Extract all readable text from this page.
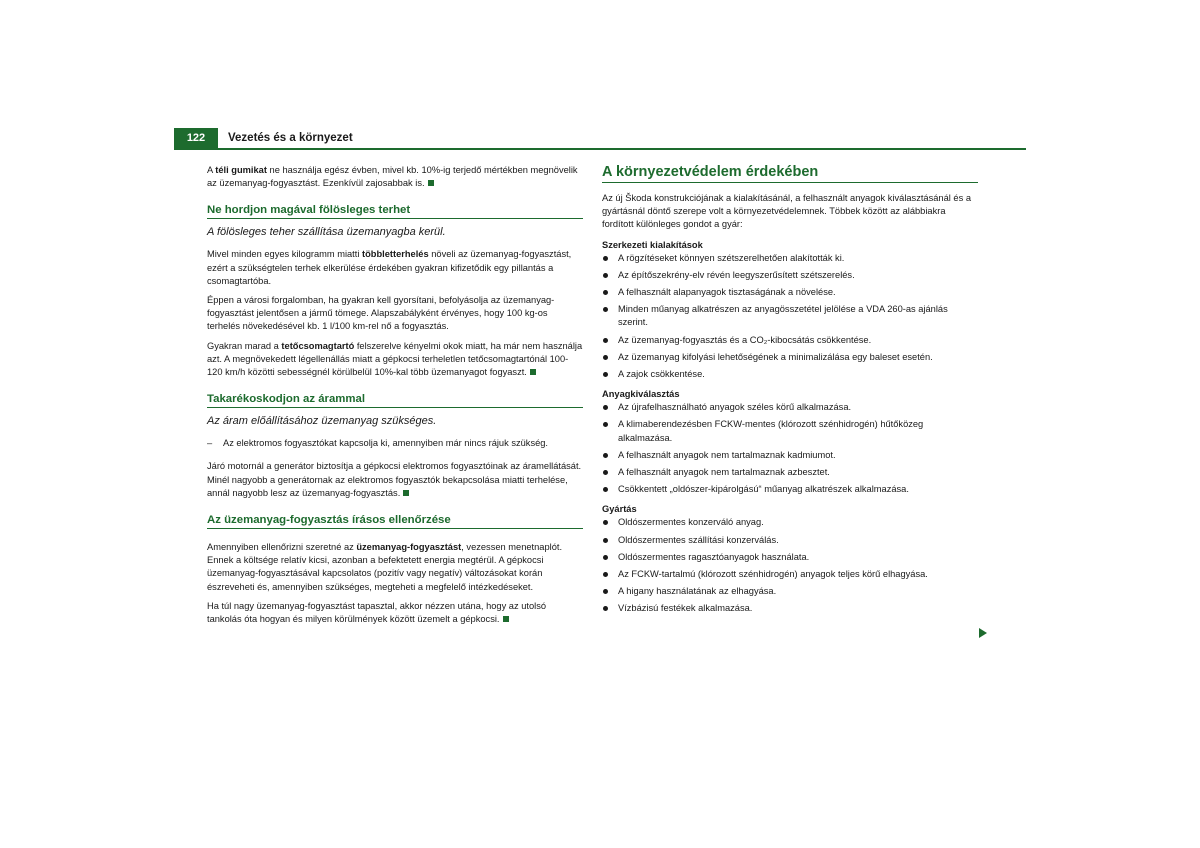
122	Vezetés és a környezet

A téli gumikat ne használja egész évben, mivel kb. 10%-ig terjedő mértékben megnövelik az üzemanyag-fogyasztást. Ezenkívül zajosabbak is.

Ne hordjon magával fölösleges terhet
A fölösleges teher szállítása üzemanyagba kerül.

Mivel minden egyes kilogramm miatti többletterhelés növeli az üzemanyag-fogyasztást, ezért a szükségtelen terhek elkerülése érdekében gyakran kifizetődik egy pillantás a csomagtartóba.

Éppen a városi forgalomban, ha gyakran kell gyorsítani, befolyásolja az üzemanyag-fogyasztást jelentősen a jármű tömege. Alapszabályként érvényes, hogy 100 kg-os terhelés növekedésével kb. 1 l/100 km-rel nő a fogyasztás.

Gyakran marad a tetőcsomagtartó felszerelve kényelmi okok miatt, ha már nem használja azt. A megnövekedett légellenállás miatt a gépkocsi terheletlen tetőcsomagtartónál 100-120 km/h közötti sebességnél körülbelül 10%-kal több üzemanyagot fogyaszt.

Takarékoskodjon az árammal
Az áram előállításához üzemanyag szükséges.
– Az elektromos fogyasztókat kapcsolja ki, amennyiben már nincs rájuk szükség.

Járó motornál a generátor biztosítja a gépkocsi elektromos fogyasztóinak az áramellátását. Minél nagyobb a generátornak az elektromos fogyasztók bekapcsolása miatti terhelése, annál nagyobb lesz az üzemanyag-fogyasztás.

Az üzemanyag-fogyasztás írásos ellenőrzése

Amennyiben ellenőrizni szeretné az üzemanyag-fogyasztást, vezessen menetnaplót. Ennek a költsége relatív kicsi, azonban a befektetett energia megtérül. A gépkocsi üzemanyag-fogyasztásával kapcsolatos (pozitív vagy negatív) változásokat korán észreveheti és, amennyiben szükséges, megteheti a megfelelő intézkedéseket.

Ha túl nagy üzemanyag-fogyasztást tapasztal, akkor nézzen utána, hogy az utolsó tankolás óta hogyan és milyen körülmények között üzemelt a gépkocsi.

A környezetvédelem érdekében

Az új Škoda konstrukciójának a kialakításánál, a felhasznált anyagok kiválasztásánál és a gyártásnál döntő szerepe volt a környezetvédelemnek. Többek között az alábbiakra fordított különleges gondot a gyár:

Szerkezeti kialakítások
A rögzítéseket könnyen szétszerelhetően alakították ki.
Az építőszekrény-elv révén leegyszerűsített szétszerelés.
A felhasznált alapanyagok tisztaságának a növelése.
Minden műanyag alkatrészen az anyagösszetétel jelölése a VDA 260-as ajánlás szerint.
Az üzemanyag-fogyasztás és a CO₂-kibocsátás csökkentése.
Az üzemanyag kifolyási lehetőségének a minimalizálása egy baleset esetén.
A zajok csökkentése.
Anyagkiválasztás
Az újrafelhasználható anyagok széles körű alkalmazása.
A klimaberendezésben FCKW-mentes (klórozott szénhidrogén) hűtőközeg alkalmazása.
A felhasznált anyagok nem tartalmaznak kadmiumot.
A felhasznált anyagok nem tartalmaznak azbesztet.
Csökkentett „oldószer-kipárolgású“ műanyag alkatrészek alkalmazása.
Gyártás
Oldószermentes konzerváló anyag.
Oldószermentes szállítási konzerválás.
Oldószermentes ragasztóanyagok használata.
Az FCKW-tartalmú (klórozott szénhidrogén) anyagok teljes körű elhagyása.
A higany használatának az elhagyása.
Vízbázisú festékek alkalmazása.
